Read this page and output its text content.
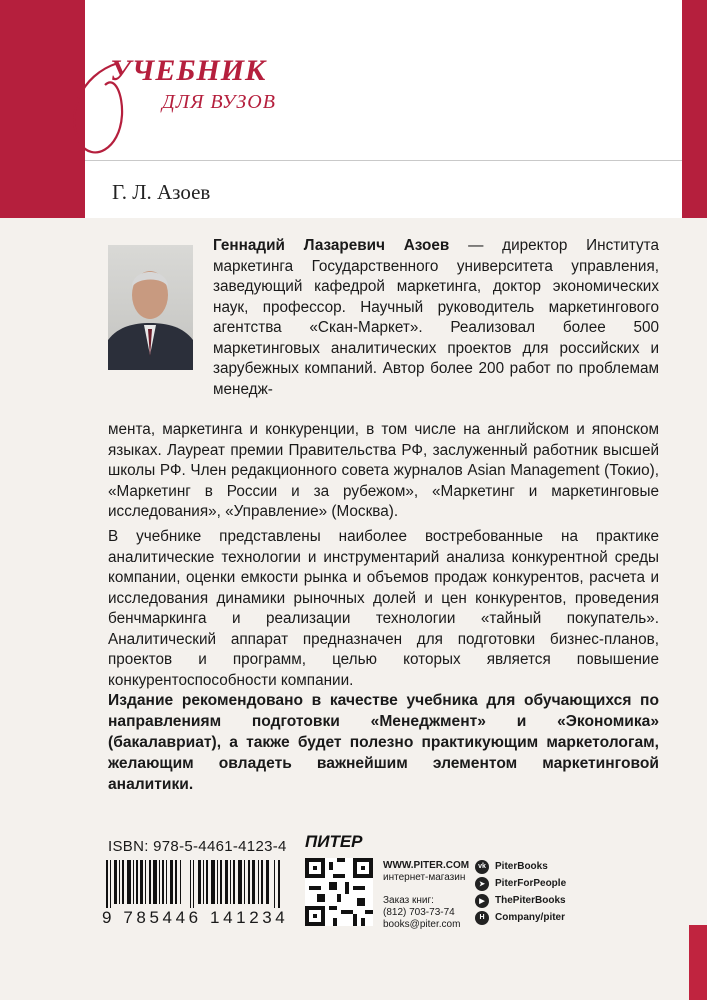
УЧЕБНИК
ДЛЯ ВУЗОВ
Г. Л. Азоев

Геннадий Лазаревич Азоев — директор Института маркетинга Государственного университета управления, заведующий кафедрой маркетинга, доктор экономических наук, профессор. Научный руководитель маркетингового агентства «Скан-Маркет». Реализовал более 500 маркетинговых аналитических проектов для российских и зарубежных компаний. Автор более 200 работ по проблемам менедж-

мента, маркетинга и конкуренции, в том числе на английском и японском языках. Лауреат премии Правительства РФ, заслуженный работник высшей школы РФ. Член редакционного совета журналов Asian Management (Токио), «Маркетинг в России и за рубежом», «Маркетинг и маркетинговые исследования», «Управление» (Москва).

В учебнике представлены наиболее востребованные на практике аналитические технологии и инструментарий анализа конкурентной среды компании, оценки емкости рынка и объемов продаж конкурентов, расчета и исследования динамики рыночных долей и цен конкурентов, проведения бенчмаркинга и реализации технологии «тайный покупатель». Аналитический аппарат предназначен для подготовки бизнес-планов, проектов и программ, целью которых является повышение конкурентоспособности компании.

Издание рекомендовано в качестве учебника для обучающихся по направлениям подготовки «Менеджмент» и «Экономика» (бакалавриат), а также будет полезно практикующим маркетологам, желающим овладеть важнейшим элементом маркетинговой аналитики.

ISBN: 978-5-4461-4123-4
9 785446 141234
ПИТЕР
WWW.PITER.COM
интернет-магазин
Заказ книг:
(812) 703-73-74
books@piter.com
vk PiterBooks
➤	PiterForPeople
▶	ThePiterBooks
H	Company/piter
